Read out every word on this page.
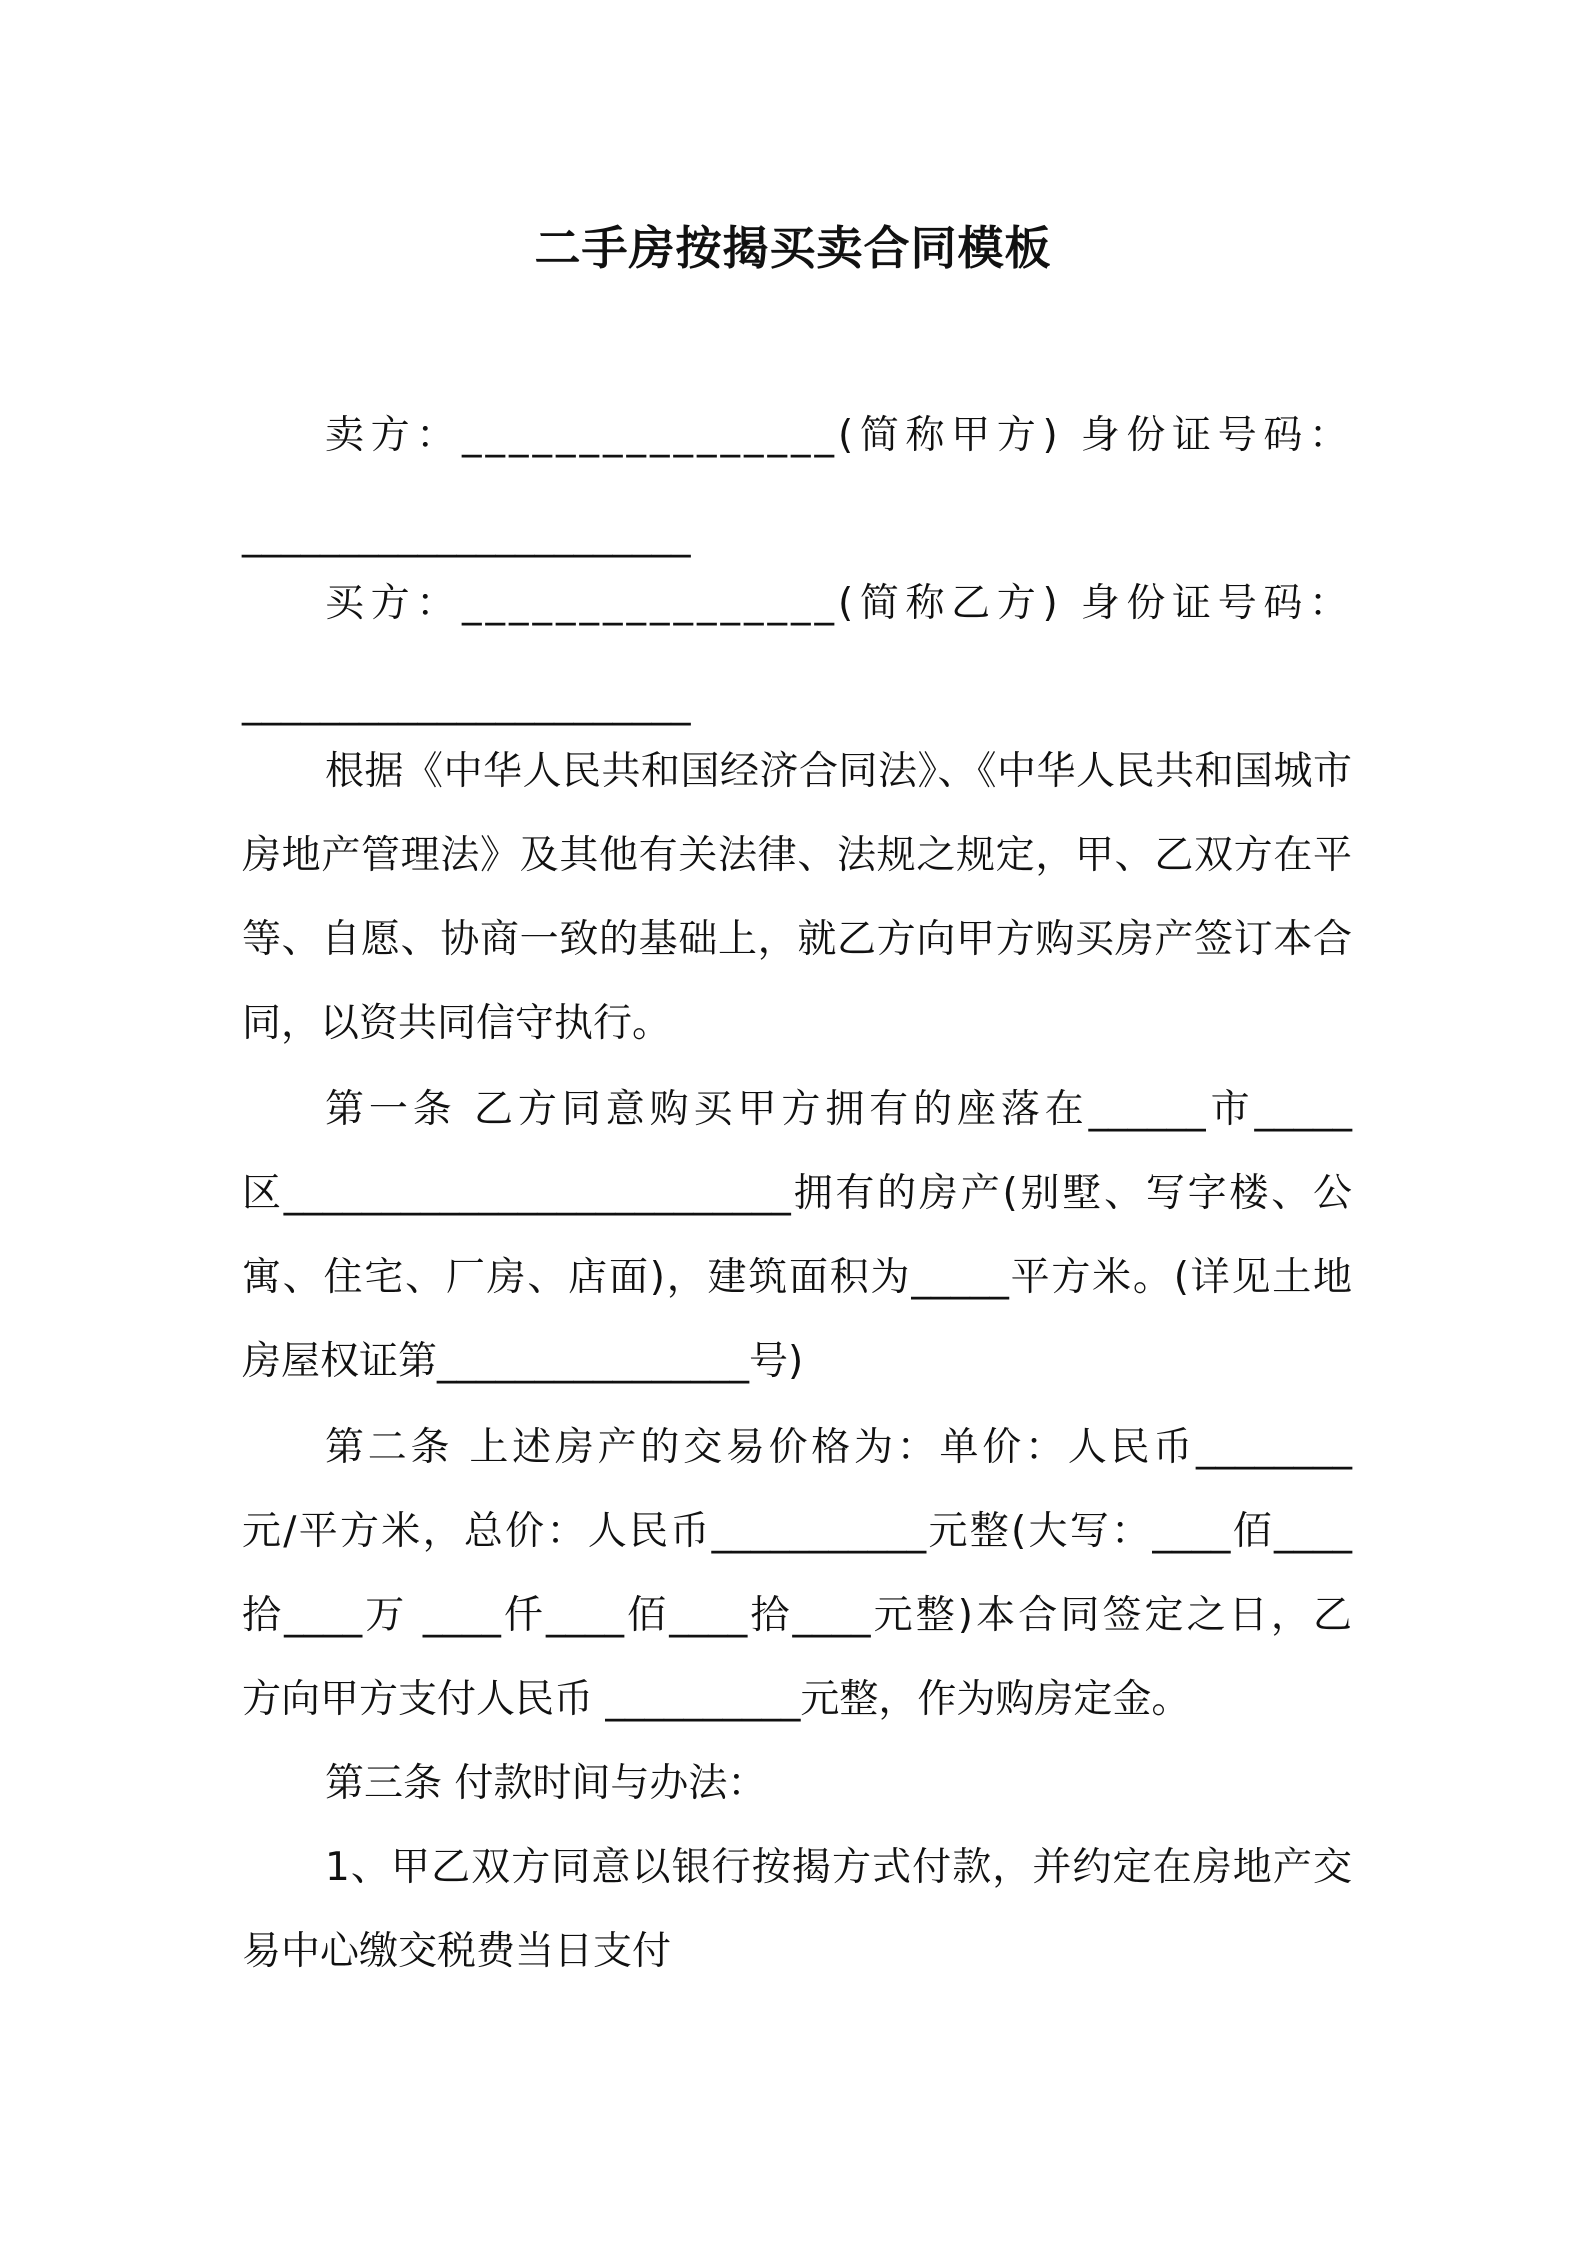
二手房按揭买卖合同模板
卖方：________________(简称甲方) 身份证号码：
_______________________
买方：________________(简称乙方) 身份证号码：
_______________________
根据《中华人民共和国经济合同法》、《中华人民共和国城市
房地产管理法》及其他有关法律、法规之规定，甲、乙双方在平
等、自愿、协商一致的基础上，就乙方向甲方购买房产签订本合
同，以资共同信守执行。
第一条 乙方同意购买甲方拥有的座落在______市_____
区__________________________拥有的房产(别墅、写字楼、公
寓、住宅、厂房、店面)，建筑面积为_____平方米。(详见土地
房屋权证第________________号)
第二条 上述房产的交易价格为：单价：人民币________
元/平方米，总价：人民币___________元整(大写：____佰____
拾____万 ____仟____佰____拾____元整)本合同签定之日，乙
方向甲方支付人民币 __________元整，作为购房定金。
第三条 付款时间与办法：
1、甲乙双方同意以银行按揭方式付款，并约定在房地产交
易中心缴交税费当日支付
